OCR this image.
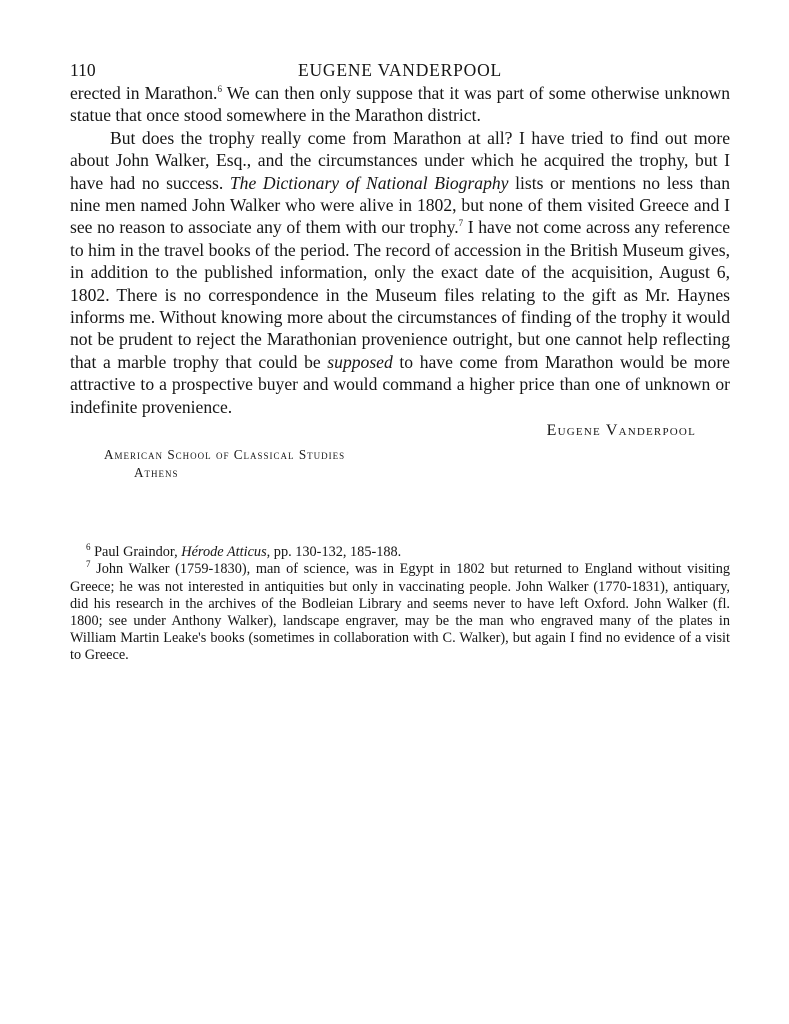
110	EUGENE VANDERPOOL

erected in Marathon.$^6$ We can then only suppose that it was part of some otherwise unknown statue that once stood somewhere in the Marathon district.

But does the trophy really come from Marathon at all? I have tried to find out more about John Walker, Esq., and the circumstances under which he acquired the trophy, but I have had no success. The Dictionary of National Biography lists or mentions no less than nine men named John Walker who were alive in 1802, but none of them visited Greece and I see no reason to associate any of them with our trophy.$^7$ I have not come across any reference to him in the travel books of the period. The record of accession in the British Museum gives, in addition to the published information, only the exact date of the acquisition, August 6, 1802. There is no correspondence in the Museum files relating to the gift as Mr. Haynes informs me. Without knowing more about the circumstances of finding of the trophy it would not be prudent to reject the Marathonian provenience outright, but one cannot help reflecting that a marble trophy that could be supposed to have come from Marathon would be more attractive to a prospective buyer and would command a higher price than one of unknown or indefinite provenience.

Eugene Vanderpool
American School of Classical Studies
Athens

$^6$ Paul Graindor, Hérode Atticus, pp. 130-132, 185-188.

$^7$ John Walker (1759-1830), man of science, was in Egypt in 1802 but returned to England without visiting Greece; he was not interested in antiquities but only in vaccinating people. John Walker (1770-1831), antiquary, did his research in the archives of the Bodleian Library and seems never to have left Oxford. John Walker (fl. 1800; see under Anthony Walker), landscape engraver, may be the man who engraved many of the plates in William Martin Leake's books (sometimes in collaboration with C. Walker), but again I find no evidence of a visit to Greece.
